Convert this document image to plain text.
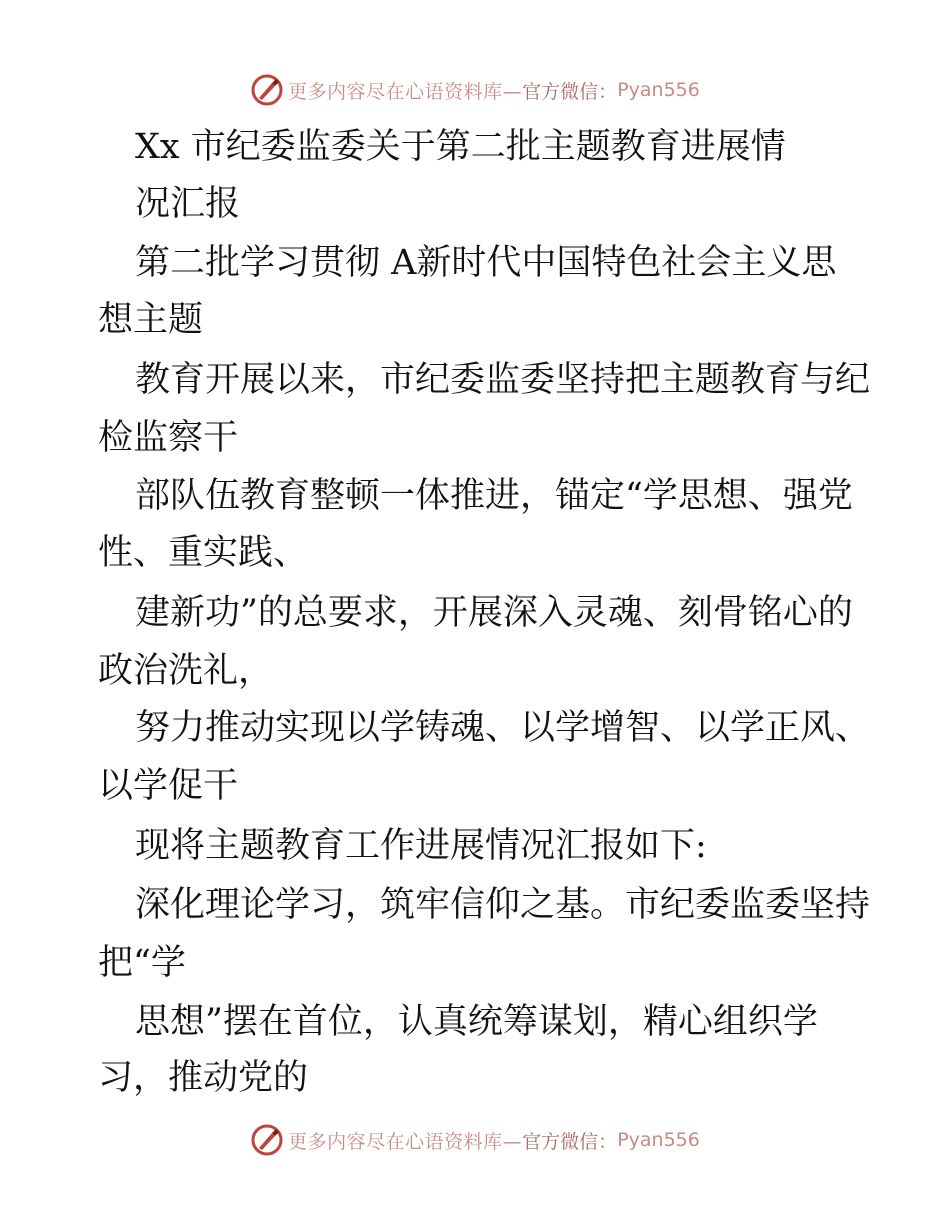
更多内容尽在心语资料库— 官方微信： Pyan556
Xx 市纪委监委关于第二批主题教育进展情
况汇报
第二批学习贯彻 A新时代中国特色社会主义思
想主题
教育开展以来，市纪委监委坚持把主题教育与纪
检监察干
部队伍教育整顿一体推进，锚定“学思想、强党
性、重实践、
建新功”的总要求，开展深入灵魂、刻骨铭心的
政治洗礼，
努力推动实现以学铸魂、以学增智、以学正风、
以学促干
现将主题教育工作进展情况汇报如下:
深化理论学习，筑牢信仰之基。市纪委监委坚持
把“学
思想”摆在首位，认真统筹谋划，精心组织学
习，推动党的
更多内容尽在心语资料库— 官方微信： Pyan556
